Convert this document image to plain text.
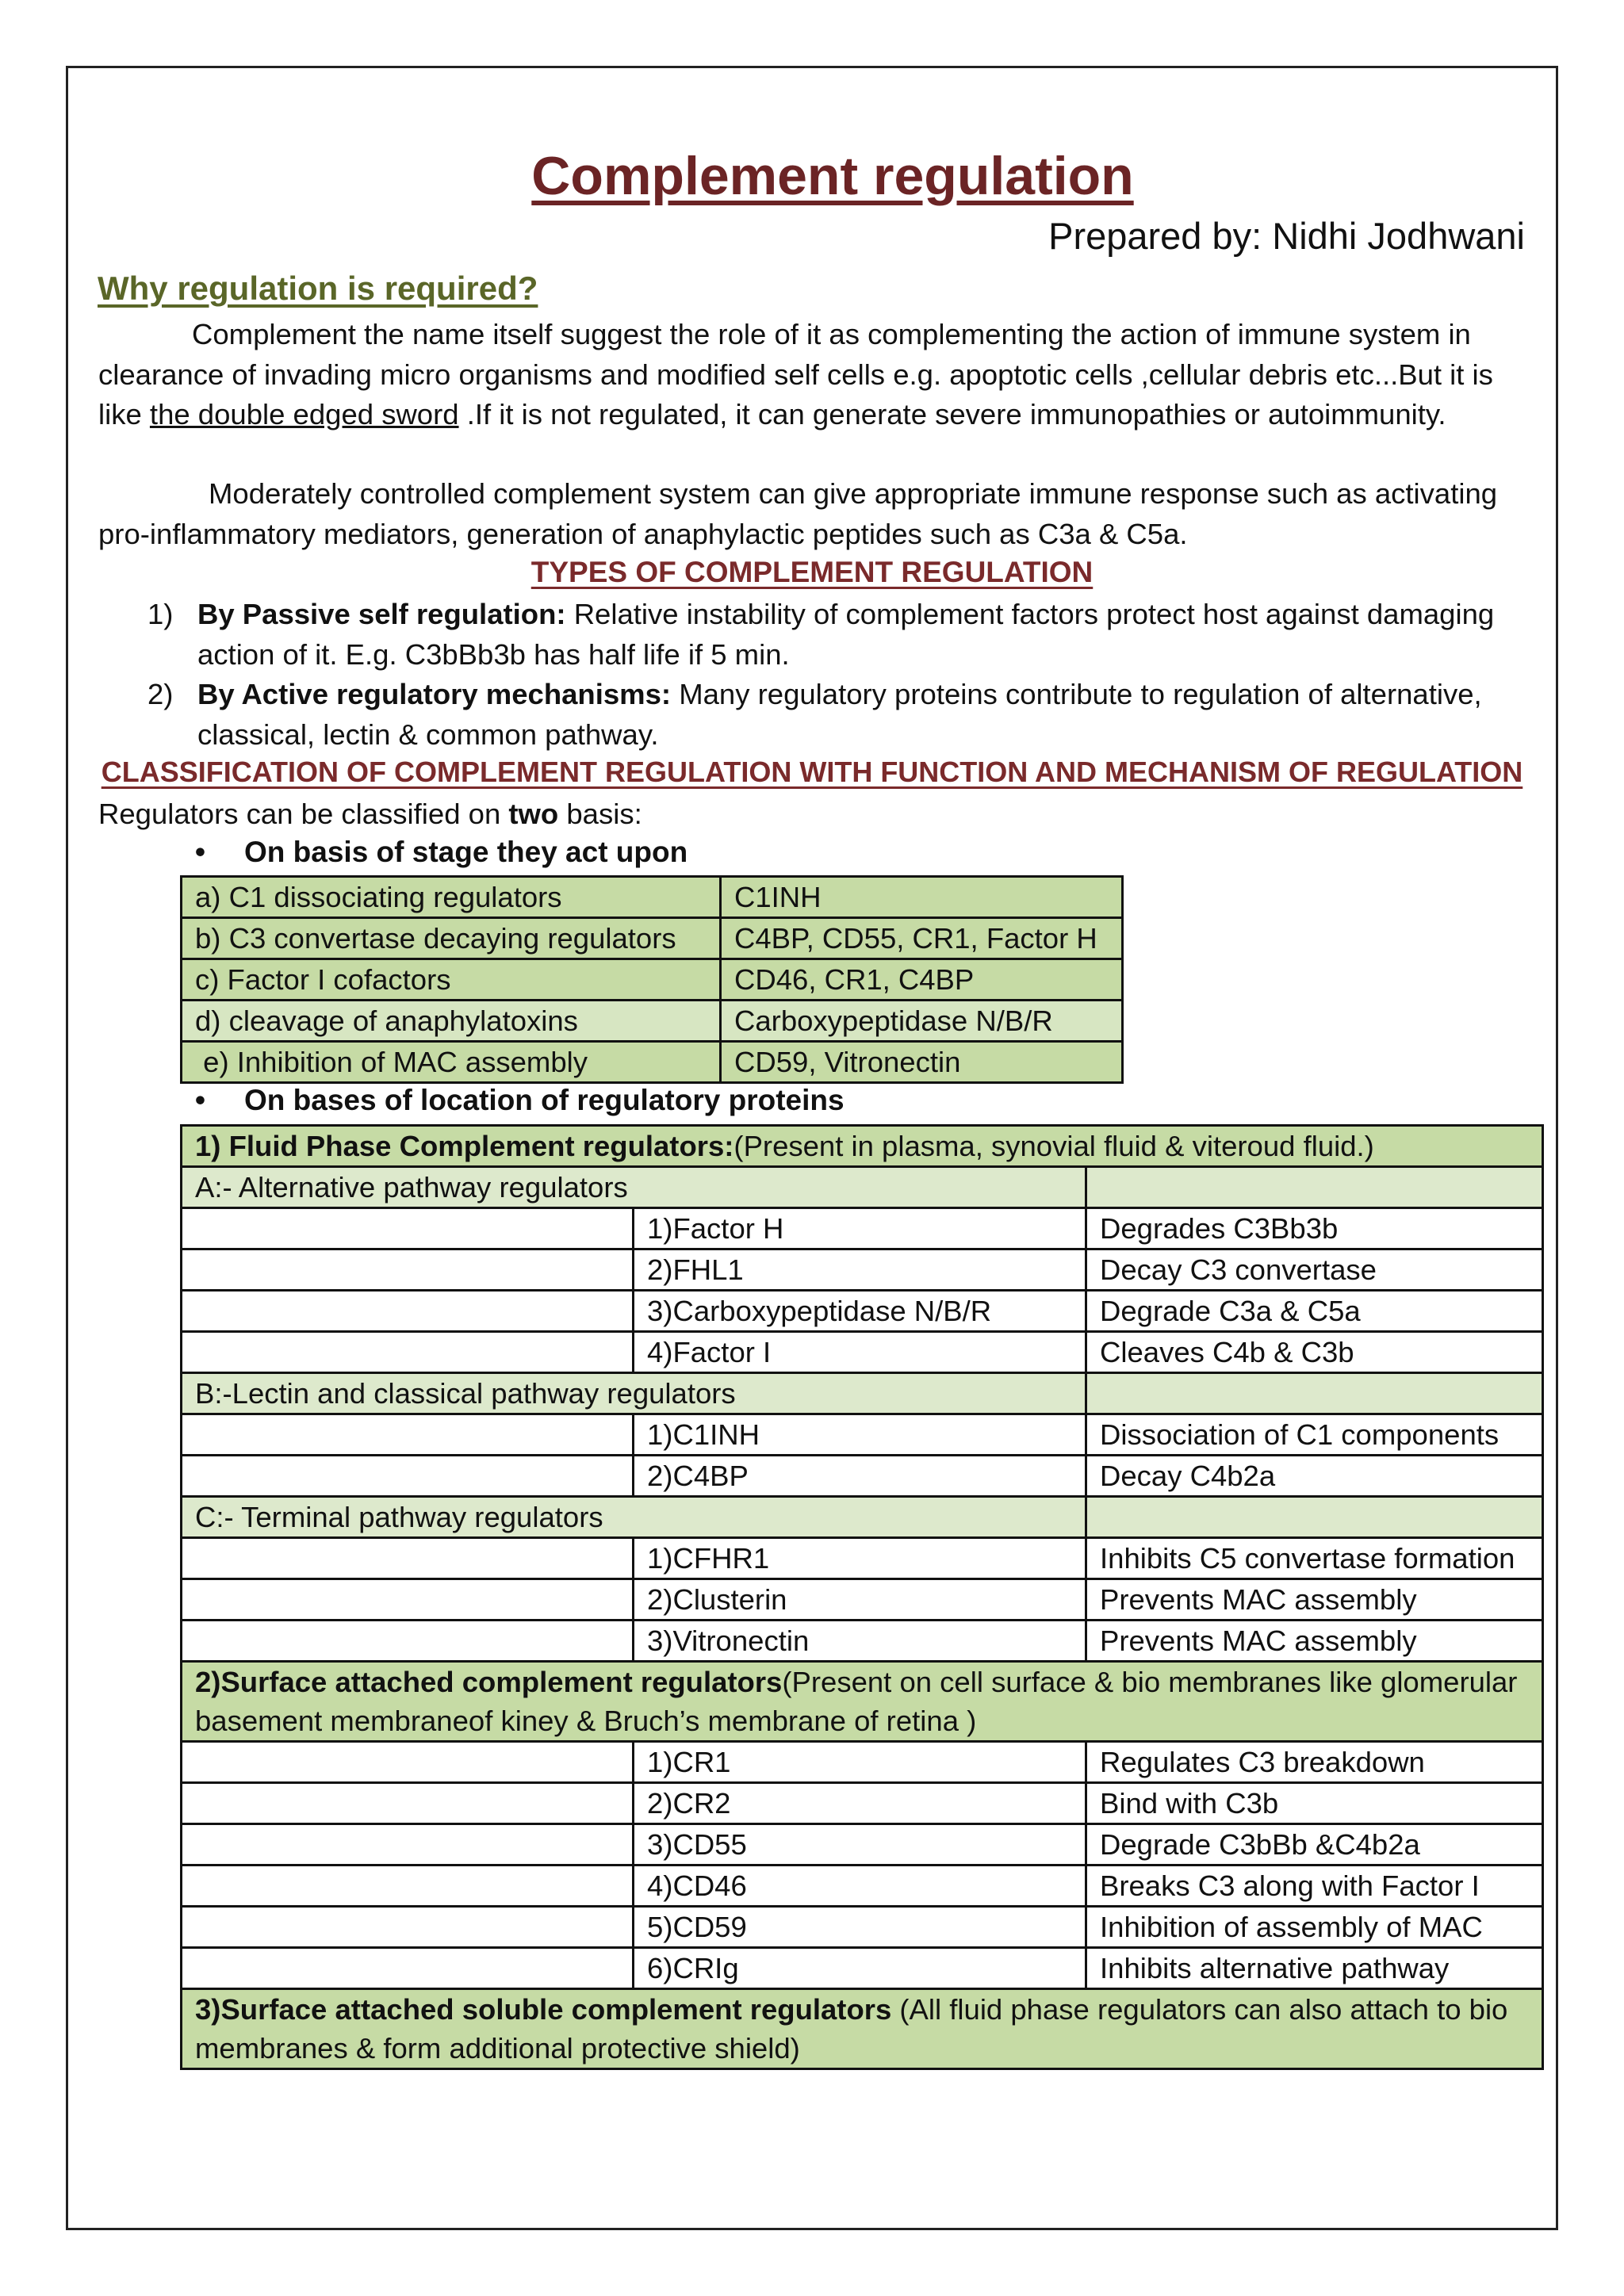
Complement regulation
Prepared by: Nidhi Jodhwani
Why regulation is required?
Complement the name itself suggest the role of it as complementing the action of immune system in clearance of invading micro organisms and modified self cells e.g. apoptotic cells ,cellular debris etc...But it is like the double edged sword .If it is not regulated, it can generate severe immunopathies or autoimmunity.
Moderately controlled complement system can give appropriate immune response such as activating pro-inflammatory mediators, generation of anaphylactic peptides such as C3a & C5a.
TYPES OF COMPLEMENT REGULATION
1) By Passive self regulation: Relative instability of complement factors protect host against damaging action of it. E.g. C3bBb3b has half life if 5 min.
2) By Active regulatory mechanisms: Many regulatory proteins contribute to regulation of alternative, classical, lectin & common pathway.
CLASSIFICATION OF COMPLEMENT REGULATION WITH FUNCTION AND MECHANISM OF REGULATION
Regulators can be classified on two basis:
• On basis of stage they act upon
a) C1 dissociating regulators	C1INH
b) C3 convertase decaying regulators	C4BP, CD55, CR1, Factor H
c) Factor I cofactors	CD46, CR1, C4BP
d) cleavage of anaphylatoxins	Carboxypeptidase N/B/R
e) Inhibition of MAC assembly	CD59, Vitronectin
• On bases of location of regulatory proteins
1) Fluid Phase Complement regulators:(Present in plasma, synovial fluid & viteroud fluid.)		
A:- Alternative pathway regulators		
	1)Factor H	Degrades C3Bb3b
	2)FHL1	Decay C3 convertase
	3)Carboxypeptidase N/B/R	Degrade C3a & C5a
	4)Factor I	Cleaves C4b & C3b
B:-Lectin and classical pathway regulators		
	1)C1INH	Dissociation of C1 components
	2)C4BP	Decay C4b2a
C:- Terminal pathway regulators		
	1)CFHR1	Inhibits C5 convertase formation
	2)Clusterin	Prevents MAC assembly
	3)Vitronectin	Prevents MAC assembly
2)Surface attached complement regulators(Present on cell surface & bio membranes like glomerular basement membraneof kiney & Bruch’s membrane of retina )		
	1)CR1	Regulates C3 breakdown
	2)CR2	Bind with C3b
	3)CD55	Degrade C3bBb &C4b2a
	4)CD46	Breaks C3 along with Factor I
	5)CD59	Inhibition of assembly of MAC
	6)CRIg	Inhibits alternative pathway
3)Surface attached soluble complement regulators (All fluid phase regulators can also attach to bio membranes & form additional protective shield)		
